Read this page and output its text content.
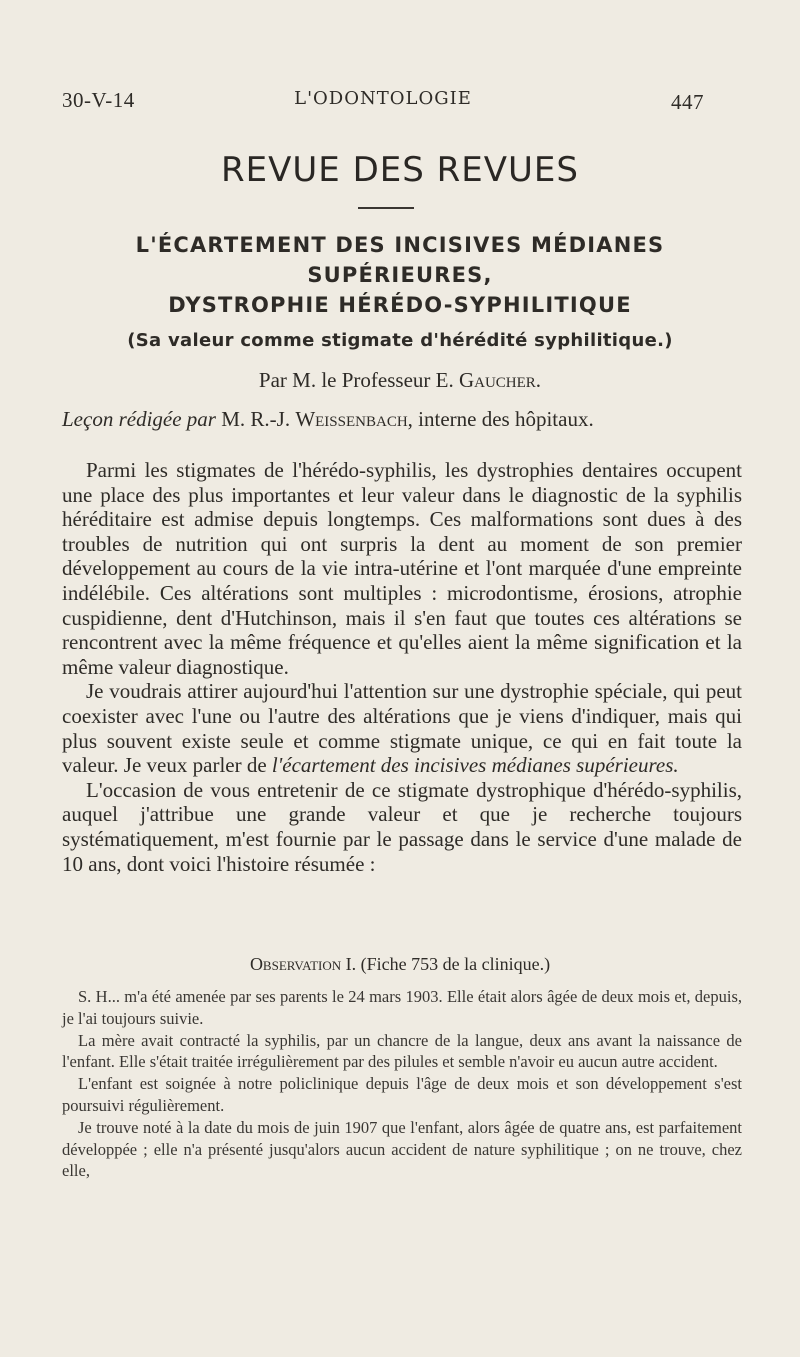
30-V-14	L'ODONTOLOGIE	447
REVUE DES REVUES
L'ÉCARTEMENT DES INCISIVES MÉDIANES
SUPÉRIEURES,
DYSTROPHIE HÉRÉDO-SYPHILITIQUE
(Sa valeur comme stigmate d'hérédité syphilitique.)
Par M. le Professeur E. Gaucher.
Leçon rédigée par M. R.-J. Weissenbach, interne des hôpitaux.

Parmi les stigmates de l'hérédo-syphilis, les dystrophies dentaires occupent une place des plus importantes et leur valeur dans le diagnostic de la syphilis héréditaire est admise depuis longtemps. Ces malformations sont dues à des troubles de nutrition qui ont surpris la dent au moment de son premier développement au cours de la vie intra-utérine et l'ont marquée d'une empreinte indélébile. Ces altérations sont multiples : microdontisme, érosions, atrophie cuspidienne, dent d'Hutchinson, mais il s'en faut que toutes ces altérations se rencontrent avec la même fréquence et qu'elles aient la même signification et la même valeur diagnostique.

Je voudrais attirer aujourd'hui l'attention sur une dystrophie spéciale, qui peut coexister avec l'une ou l'autre des altérations que je viens d'indiquer, mais qui plus souvent existe seule et comme stigmate unique, ce qui en fait toute la valeur. Je veux parler de l'écartement des incisives médianes supérieures.

L'occasion de vous entretenir de ce stigmate dystrophique d'hérédo-syphilis, auquel j'attribue une grande valeur et que je recherche toujours systématiquement, m'est fournie par le passage dans le service d'une malade de 10 ans, dont voici l'histoire résumée :

Observation I. (Fiche 753 de la clinique.)

S. H... m'a été amenée par ses parents le 24 mars 1903. Elle était alors âgée de deux mois et, depuis, je l'ai toujours suivie.

La mère avait contracté la syphilis, par un chancre de la langue, deux ans avant la naissance de l'enfant. Elle s'était traitée irrégulièrement par des pilules et semble n'avoir eu aucun autre accident.

L'enfant est soignée à notre policlinique depuis l'âge de deux mois et son développement s'est poursuivi régulièrement.

Je trouve noté à la date du mois de juin 1907 que l'enfant, alors âgée de quatre ans, est parfaitement développée ; elle n'a présenté jusqu'alors aucun accident de nature syphilitique ; on ne trouve, chez elle,
